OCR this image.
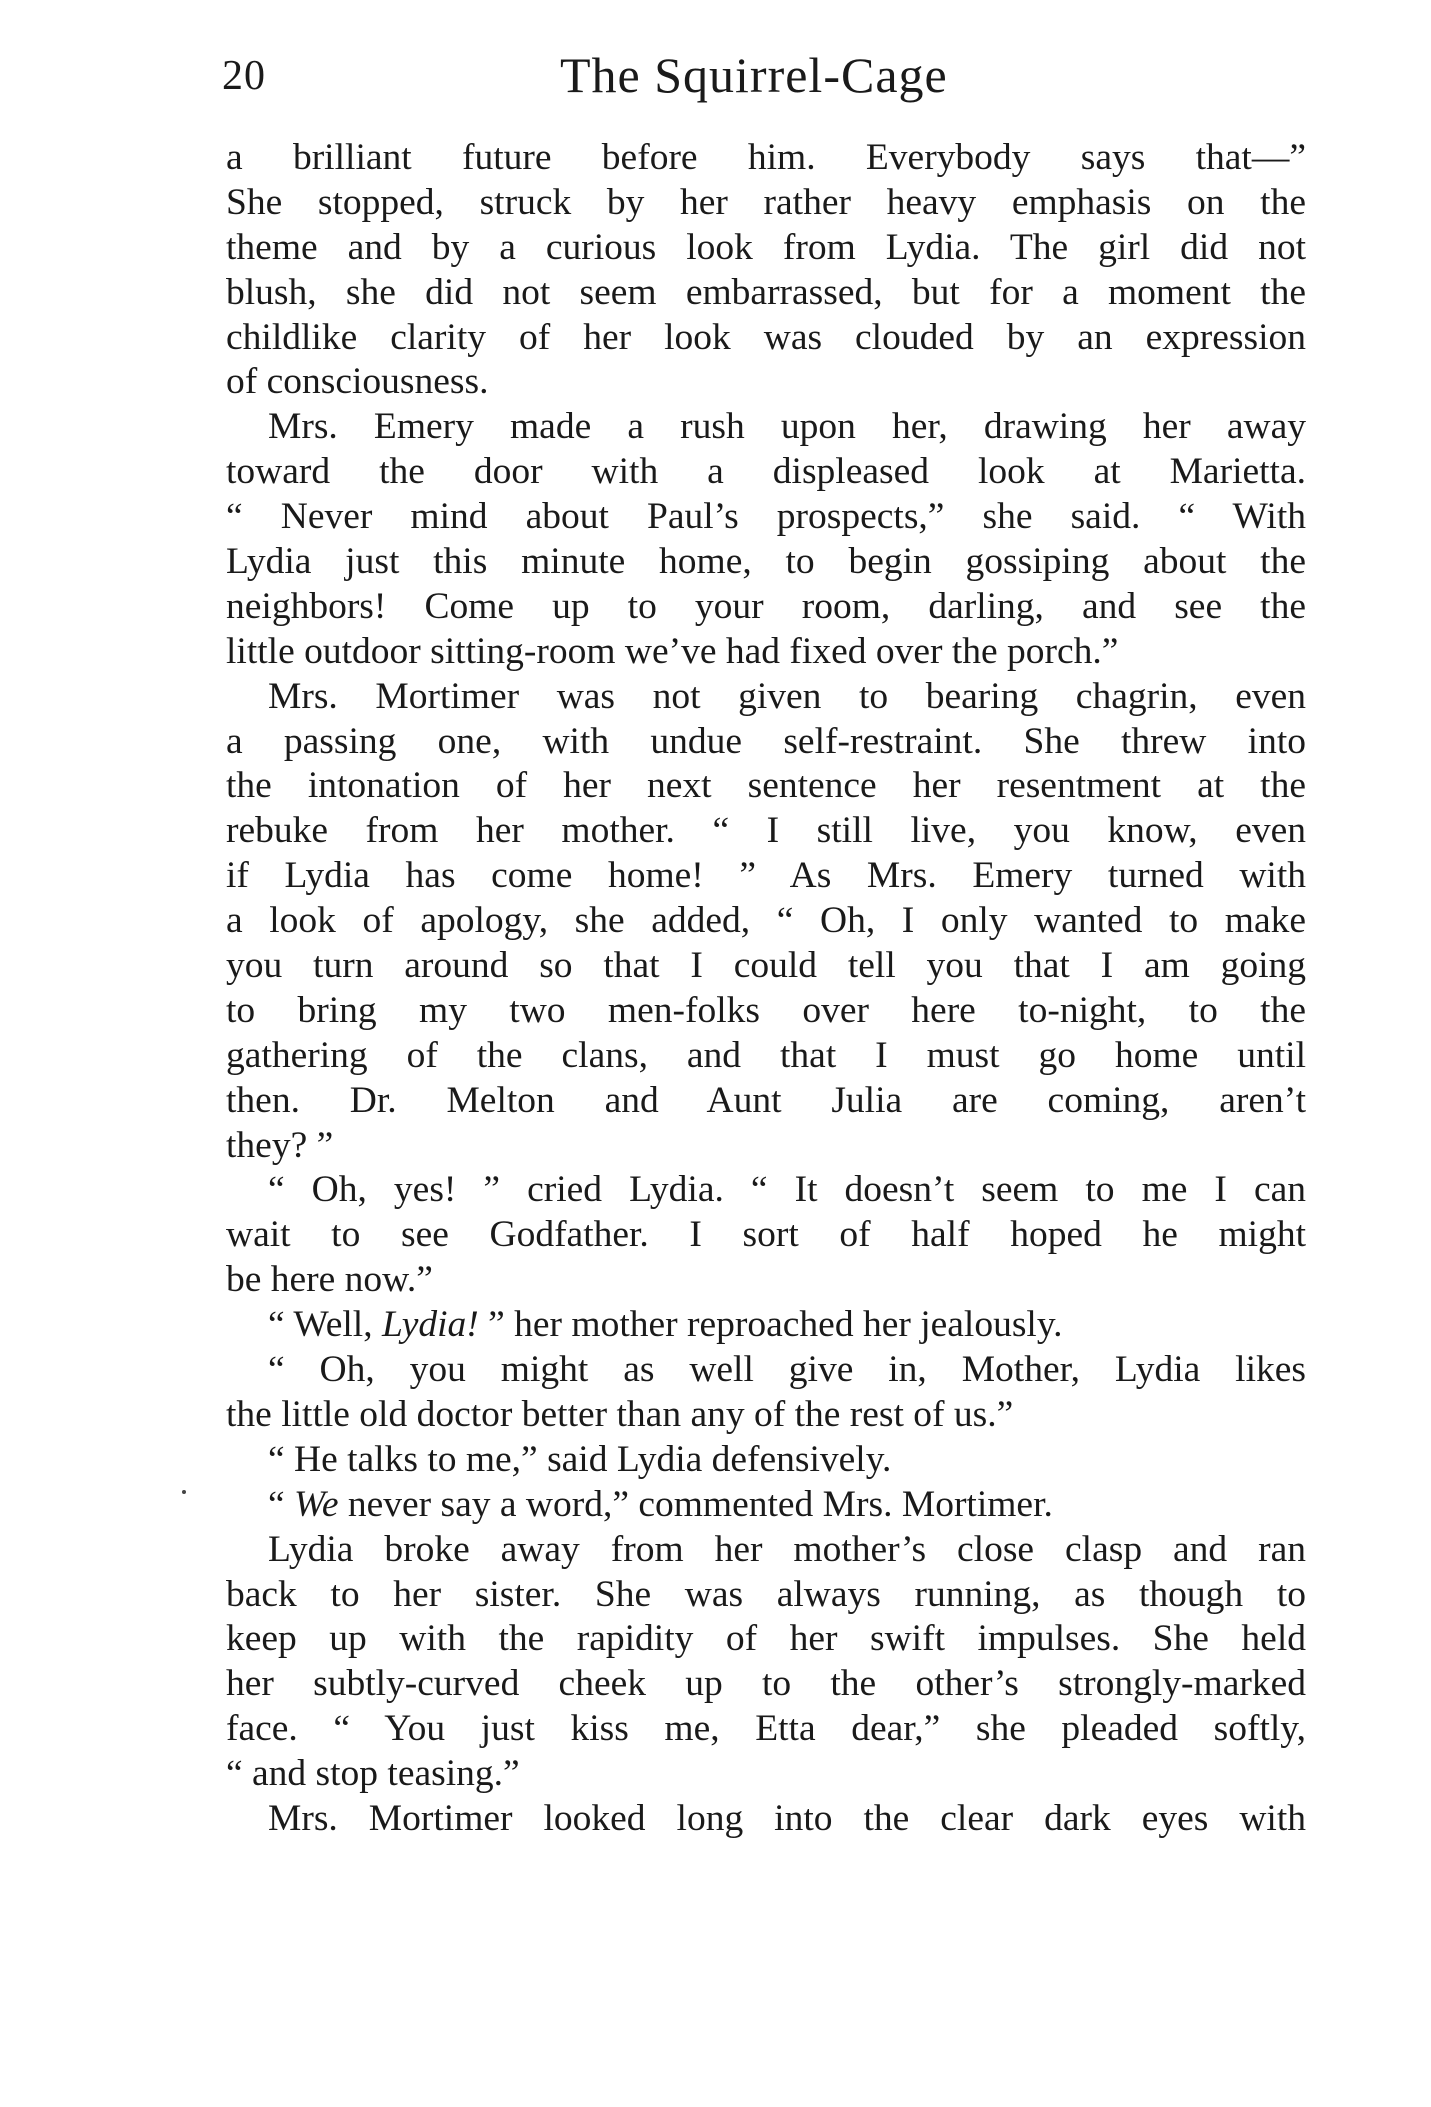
20	The Squirrel-Cage
a brilliant future before him. Everybody says that—”
She stopped, struck by her rather heavy emphasis on the
theme and by a curious look from Lydia. The girl did not
blush, she did not seem embarrassed, but for a moment the
childlike clarity of her look was clouded by an expression
of consciousness.
Mrs. Emery made a rush upon her, drawing her away
toward the door with a displeased look at Marietta.
“ Never mind about Paul’s prospects,” she said. “ With
Lydia just this minute home, to begin gossiping about the
neighbors! Come up to your room, darling, and see the
little outdoor sitting-room we’ve had fixed over the porch.”
Mrs. Mortimer was not given to bearing chagrin, even
a passing one, with undue self-restraint. She threw into
the intonation of her next sentence her resentment at the
rebuke from her mother. “ I still live, you know, even
if Lydia has come home! ” As Mrs. Emery turned with
a look of apology, she added, “ Oh, I only wanted to make
you turn around so that I could tell you that I am going
to bring my two men-folks over here to-night, to the
gathering of the clans, and that I must go home until
then. Dr. Melton and Aunt Julia are coming, aren’t
they? ”
“ Oh, yes! ” cried Lydia. “ It doesn’t seem to me I can
wait to see Godfather. I sort of half hoped he might
be here now.”
“ Well, Lydia! ” her mother reproached her jealously.
“ Oh, you might as well give in, Mother, Lydia likes
the little old doctor better than any of the rest of us.”
“ He talks to me,” said Lydia defensively.
“ We never say a word,” commented Mrs. Mortimer.
Lydia broke away from her mother’s close clasp and ran
back to her sister. She was always running, as though to
keep up with the rapidity of her swift impulses. She held
her subtly-curved cheek up to the other’s strongly-marked
face. “ You just kiss me, Etta dear,” she pleaded softly,
“ and stop teasing.”
Mrs. Mortimer looked long into the clear dark eyes with
